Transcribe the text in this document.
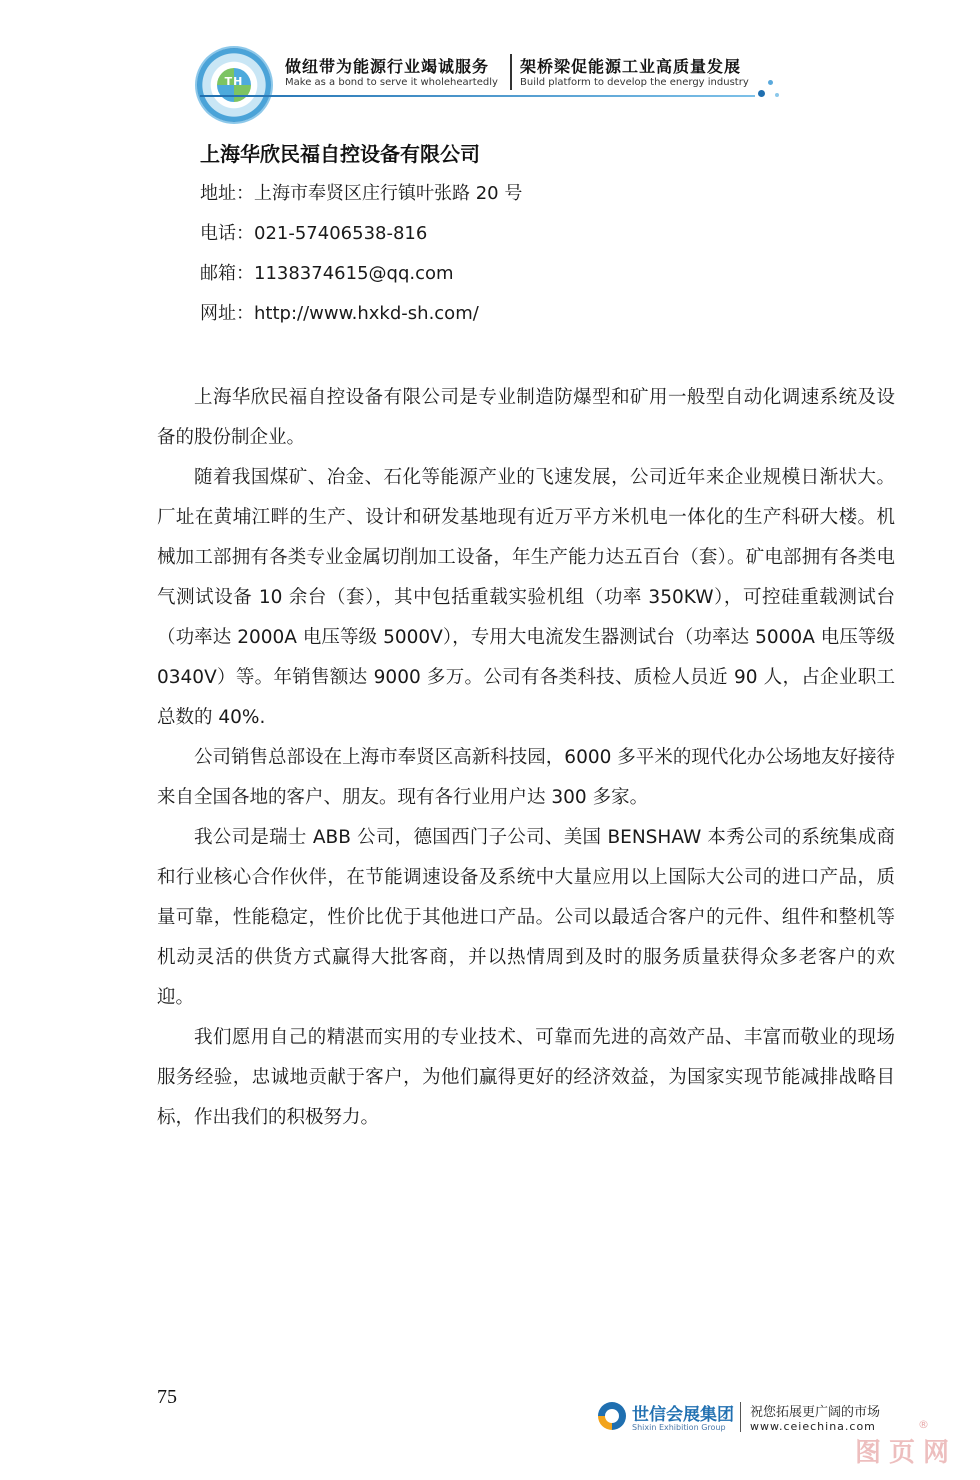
TH
做纽带为能源行业竭诚服务 架桥梁促能源工业高质量发展
Make as a bond to serve it wholeheartedly Build platform to develop the energy industry
上海华欣民福自控设备有限公司
地址：上海市奉贤区庄行镇叶张路 20 号
电话：021-57406538-816
邮箱：1138374615@qq.com
网址：http://www.hxkd-sh.com/

上海华欣民福自控设备有限公司是专业制造防爆型和矿用一般型自动化调速系统及设备的股份制企业。

随着我国煤矿、冶金、石化等能源产业的飞速发展，公司近年来企业规模日渐状大。厂址在黄埔江畔的生产、设计和研发基地现有近万平方米机电一体化的生产科研大楼。机械加工部拥有各类专业金属切削加工设备，年生产能力达五百台（套）。矿电部拥有各类电气测试设备 10 余台（套），其中包括重载实验机组（功率 350KW），可控硅重载测试台（功率达 2000A 电压等级 5000V），专用大电流发生器测试台（功率达 5000A 电压等级 0340V）等。年销售额达 9000 多万。公司有各类科技、质检人员近 90 人，占企业职工总数的 40%.

公司销售总部设在上海市奉贤区高新科技园，6000 多平米的现代化办公场地友好接待来自全国各地的客户、朋友。现有各行业用户达 300 多家。

我公司是瑞士 ABB 公司，德国西门子公司、美国 BENSHAW 本秀公司的系统集成商和行业核心合作伙伴，在节能调速设备及系统中大量应用以上国际大公司的进口产品，质量可靠，性能稳定，性价比优于其他进口产品。公司以最适合客户的元件、组件和整机等机动灵活的供货方式赢得大批客商，并以热情周到及时的服务质量获得众多老客户的欢迎。

我们愿用自己的精湛而实用的专业技术、可靠而先进的高效产品、丰富而敬业的现场服务经验，忠诚地贡献于客户，为他们赢得更好的经济效益，为国家实现节能减排战略目标，作出我们的积极努力。

75
世信会展集团
Shixin Exhibition Group
祝您拓展更广阔的市场
www.ceiechina.com	®
图页网
